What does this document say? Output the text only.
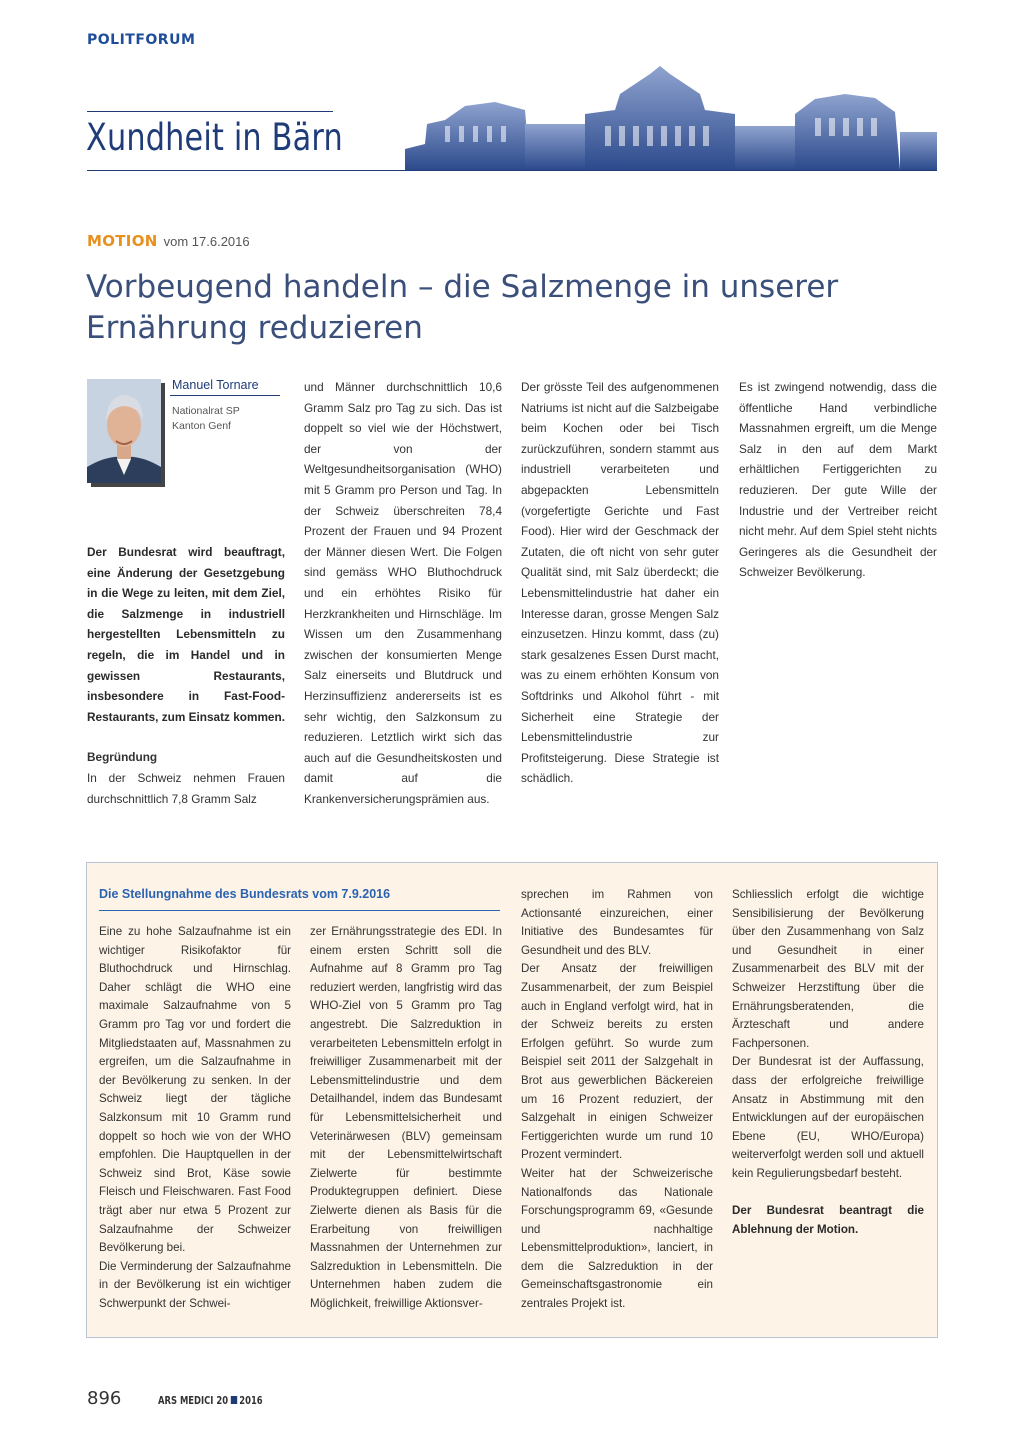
POLITFORUM
Xundheit in Bärn
MOTION vom 17.6.2016
Vorbeugend handeln – die Salzmenge in unserer Ernährung reduzieren
Manuel Tornare
Nationalrat SP
Kanton Genf

Der Bundesrat wird beauftragt, eine Änderung der Gesetzgebung in die Wege zu leiten, mit dem Ziel, die Salzmenge in industriell hergestellten Lebensmitteln zu regeln, die im Handel und in gewissen Restaurants, insbesondere in Fast-Food-Restaurants, zum Einsatz kommen.

Begründung

In der Schweiz nehmen Frauen durchschnittlich 7,8 Gramm Salz

und Männer durchschnittlich 10,6 Gramm Salz pro Tag zu sich. Das ist doppelt so viel wie der Höchstwert, der von der Weltgesundheitsorganisation (WHO) mit 5 Gramm pro Person und Tag. In der Schweiz überschreiten 78,4 Prozent der Frauen und 94 Prozent der Männer diesen Wert. Die Folgen sind gemäss WHO Bluthochdruck und ein erhöhtes Risiko für Herzkrankheiten und Hirnschläge. Im Wissen um den Zusammenhang zwischen der konsumierten Menge Salz einerseits und Blutdruck und Herzinsuffizienz andererseits ist es sehr wichtig, den Salzkonsum zu reduzieren. Letztlich wirkt sich das auch auf die Gesundheitskosten und damit auf die Krankenversicherungsprämien aus.

Der grösste Teil des aufgenommenen Natriums ist nicht auf die Salzbeigabe beim Kochen oder bei Tisch zurückzuführen, sondern stammt aus industriell verarbeiteten und abgepackten Lebensmitteln (vorgefertigte Gerichte und Fast Food). Hier wird der Geschmack der Zutaten, die oft nicht von sehr guter Qualität sind, mit Salz überdeckt; die Lebensmittelindustrie hat daher ein Interesse daran, grosse Mengen Salz einzusetzen. Hinzu kommt, dass (zu) stark gesalzenes Essen Durst macht, was zu einem erhöhten Konsum von Softdrinks und Alkohol führt - mit Sicherheit eine Strategie der Lebensmittelindustrie zur Profitsteigerung. Diese Strategie ist schädlich.

Es ist zwingend notwendig, dass die öffentliche Hand verbindliche Massnahmen ergreift, um die Menge Salz in den auf dem Markt erhältlichen Fertiggerichten zu reduzieren. Der gute Wille der Industrie und der Vertreiber reicht nicht mehr. Auf dem Spiel steht nichts Geringeres als die Gesundheit der Schweizer Bevölkerung.

Die Stellungnahme des Bundesrats vom 7.9.2016

Eine zu hohe Salzaufnahme ist ein wichtiger Risikofaktor für Bluthochdruck und Hirnschlag. Daher schlägt die WHO eine maximale Salzaufnahme von 5 Gramm pro Tag vor und fordert die Mitgliedstaaten auf, Massnahmen zu ergreifen, um die Salzaufnahme in der Bevölkerung zu senken. In der Schweiz liegt der tägliche Salzkonsum mit 10 Gramm rund doppelt so hoch wie von der WHO empfohlen. Die Hauptquellen in der Schweiz sind Brot, Käse sowie Fleisch und Fleischwaren. Fast Food trägt aber nur etwa 5 Prozent zur Salzaufnahme der Schweizer Bevölkerung bei.

Die Verminderung der Salzaufnahme in der Bevölkerung ist ein wichtiger Schwerpunkt der Schwei-

zer Ernährungsstrategie des EDI. In einem ersten Schritt soll die Aufnahme auf 8 Gramm pro Tag reduziert werden, langfristig wird das WHO-Ziel von 5 Gramm pro Tag angestrebt. Die Salzreduktion in verarbeiteten Lebensmitteln erfolgt in freiwilliger Zusammenarbeit mit der Lebensmittelindustrie und dem Detailhandel, indem das Bundesamt für Lebensmittelsicherheit und Veterinärwesen (BLV) gemeinsam mit der Lebensmittelwirtschaft Zielwerte für bestimmte Produktegruppen definiert. Diese Zielwerte dienen als Basis für die Erarbeitung von freiwilligen Massnahmen der Unternehmen zur Salzreduktion in Lebensmitteln. Die Unternehmen haben zudem die Möglichkeit, freiwillige Aktionsver-

sprechen im Rahmen von Actionsanté einzureichen, einer Initiative des Bundesamtes für Gesundheit und des BLV.

Der Ansatz der freiwilligen Zusammenarbeit, der zum Beispiel auch in England verfolgt wird, hat in der Schweiz bereits zu ersten Erfolgen geführt. So wurde zum Beispiel seit 2011 der Salzgehalt in Brot aus gewerblichen Bäckereien um 16 Prozent reduziert, der Salzgehalt in einigen Schweizer Fertiggerichten wurde um rund 10 Prozent vermindert.

Weiter hat der Schweizerische Nationalfonds das Nationale Forschungsprogramm 69, «Gesunde und nachhaltige Lebensmittelproduktion», lanciert, in dem die Salzreduktion in der Gemeinschaftsgastronomie ein zentrales Projekt ist.

Schliesslich erfolgt die wichtige Sensibilisierung der Bevölkerung über den Zusammenhang von Salz und Gesundheit in einer Zusammenarbeit des BLV mit der Schweizer Herzstiftung über die Ernährungsberatenden, die Ärzteschaft und andere Fachpersonen.

Der Bundesrat ist der Auffassung, dass der erfolgreiche freiwillige Ansatz in Abstimmung mit den Entwicklungen auf der europäischen Ebene (EU, WHO/Europa) weiterverfolgt werden soll und aktuell kein Regulierungsbedarf besteht.

Der Bundesrat beantragt die Ablehnung der Motion.

896	ARS MEDICI 20 2016
